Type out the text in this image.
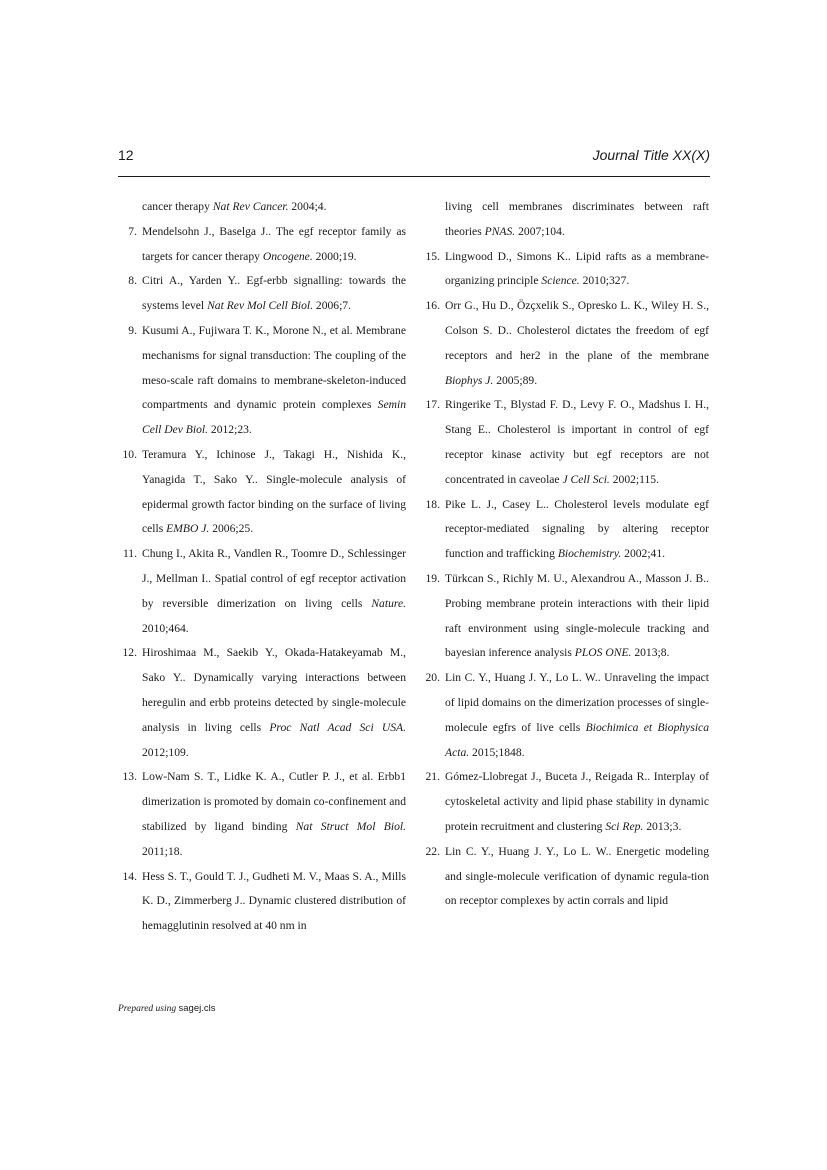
12	Journal Title XX(X)
cancer therapy Nat Rev Cancer. 2004;4.
7. Mendelsohn J., Baselga J.. The egf receptor family as targets for cancer therapy Oncogene. 2000;19.
8. Citri A., Yarden Y.. Egf-erbb signalling: towards the systems level Nat Rev Mol Cell Biol. 2006;7.
9. Kusumi A., Fujiwara T. K., Morone N., et al. Membrane mechanisms for signal transduction: The coupling of the meso-scale raft domains to membrane-skeleton-induced compartments and dynamic protein complexes Semin Cell Dev Biol. 2012;23.
10. Teramura Y., Ichinose J., Takagi H., Nishida K., Yanagida T., Sako Y.. Single-molecule analysis of epidermal growth factor binding on the surface of living cells EMBO J. 2006;25.
11. Chung I., Akita R., Vandlen R., Toomre D., Schlessinger J., Mellman I.. Spatial control of egf receptor activation by reversible dimerization on living cells Nature. 2010;464.
12. Hiroshimaa M., Saekib Y., Okada-Hatakeyamab M., Sako Y.. Dynamically varying interactions between heregulin and erbb proteins detected by single-molecule analysis in living cells Proc Natl Acad Sci USA. 2012;109.
13. Low-Nam S. T., Lidke K. A., Cutler P. J., et al. Erbb1 dimerization is promoted by domain co-confinement and stabilized by ligand binding Nat Struct Mol Biol. 2011;18.
14. Hess S. T., Gould T. J., Gudheti M. V., Maas S. A., Mills K. D., Zimmerberg J.. Dynamic clustered distribution of hemagglutinin resolved at 40 nm in
living cell membranes discriminates between raft theories PNAS. 2007;104.
15. Lingwood D., Simons K.. Lipid rafts as a membrane-organizing principle Science. 2010;327.
16. Orr G., Hu D., Özçxelik S., Opresko L. K., Wiley H. S., Colson S. D.. Cholesterol dictates the freedom of egf receptors and her2 in the plane of the membrane Biophys J. 2005;89.
17. Ringerike T., Blystad F. D., Levy F. O., Madshus I. H., Stang E.. Cholesterol is important in control of egf receptor kinase activity but egf receptors are not concentrated in caveolae J Cell Sci. 2002;115.
18. Pike L. J., Casey L.. Cholesterol levels modulate egf receptor-mediated signaling by altering receptor function and trafficking Biochemistry. 2002;41.
19. Türkcan S., Richly M. U., Alexandrou A., Masson J. B.. Probing membrane protein interactions with their lipid raft environment using single-molecule tracking and bayesian inference analysis PLOS ONE. 2013;8.
20. Lin C. Y., Huang J. Y., Lo L. W.. Unraveling the impact of lipid domains on the dimerization processes of single-molecule egfrs of live cells Biochimica et Biophysica Acta. 2015;1848.
21. Gómez-Llobregat J., Buceta J., Reigada R.. Interplay of cytoskeletal activity and lipid phase stability in dynamic protein recruitment and clustering Sci Rep. 2013;3.
22. Lin C. Y., Huang J. Y., Lo L. W.. Energetic modeling and single-molecule verification of dynamic regula-tion on receptor complexes by actin corrals and lipid
Prepared using sagej.cls
